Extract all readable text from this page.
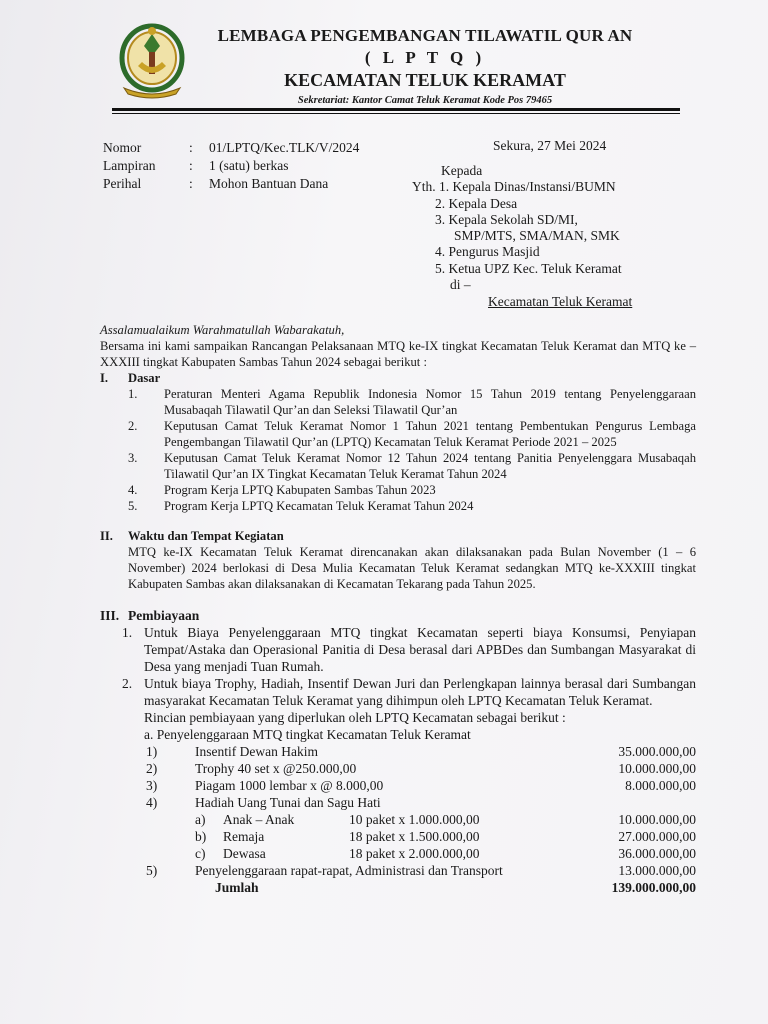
LEMBAGA PENGEMBANGAN TILAWATIL QUR AN
( L P T Q )
KECAMATAN TELUK KERAMAT
Sekretariat: Kantor Camat Teluk Keramat Kode Pos 79465
Nomor	:	01/LPTQ/Kec.TLK/V/2024
Lampiran	:	1 (satu) berkas
Perihal	:	Mohon Bantuan Dana
Sekura, 27 Mei 2024
Kepada
Yth. 1. Kepala Dinas/Instansi/BUMN
2. Kepala Desa
3. Kepala Sekolah SD/MI,
SMP/MTS, SMA/MAN, SMK
4. Pengurus Masjid
5. Ketua UPZ Kec. Teluk Keramat
di –
Kecamatan Teluk Keramat
Assalamualaikum Warahmatullah Wabarakatuh,
Bersama ini kami sampaikan Rancangan Pelaksanaan MTQ ke-IX tingkat Kecamatan Teluk Keramat dan MTQ ke – XXXIII tingkat Kabupaten Sambas Tahun 2024 sebagai berikut :
I.	Dasar
1.	Peraturan Menteri Agama Republik Indonesia Nomor 15 Tahun 2019 tentang Penyelenggaraan Musabaqah Tilawatil Qur’an dan Seleksi Tilawatil Qur’an
2.	Keputusan Camat Teluk Keramat Nomor 1 Tahun 2021 tentang Pembentukan Pengurus Lembaga Pengembangan Tilawatil Qur’an (LPTQ) Kecamatan Teluk Keramat Periode 2021 – 2025
3.	Keputusan Camat Teluk Keramat Nomor 12 Tahun 2024 tentang Panitia Penyelenggara Musabaqah Tilawatil Qur’an IX Tingkat Kecamatan Teluk Keramat Tahun 2024
4.	Program Kerja LPTQ Kabupaten Sambas Tahun 2023
5.	Program Kerja LPTQ Kecamatan Teluk Keramat Tahun 2024
II.	Waktu dan Tempat Kegiatan
MTQ ke-IX Kecamatan Teluk Keramat direncanakan akan dilaksanakan pada Bulan November (1 – 6 November) 2024 berlokasi di Desa Mulia Kecamatan Teluk Keramat sedangkan MTQ ke-XXXIII tingkat Kabupaten Sambas akan dilaksanakan di Kecamatan Tekarang pada Tahun 2025.
III. Pembiayaan
1. Untuk Biaya Penyelenggaraan MTQ tingkat Kecamatan seperti biaya Konsumsi, Penyiapan Tempat/Astaka dan Operasional Panitia di Desa berasal dari APBDes dan Sumbangan Masyarakat di Desa yang menjadi Tuan Rumah.
2. Untuk biaya Trophy, Hadiah, Insentif Dewan Juri dan Perlengkapan lainnya berasal dari Sumbangan masyarakat Kecamatan Teluk Keramat yang dihimpun oleh LPTQ Kecamatan Teluk Keramat.
Rincian pembiayaan yang diperlukan oleh LPTQ Kecamatan sebagai berikut :
a. Penyelenggaraan MTQ tingkat Kecamatan Teluk Keramat
1)	Insentif Dewan Hakim	35.000.000,00
2)	Trophy 40 set x @250.000,00	10.000.000,00
3)	Piagam 1000 lembar x @ 8.000,00	8.000.000,00
4)	Hadiah Uang Tunai dan Sagu Hati
a)	Anak – Anak	10 paket x 1.000.000,00	10.000.000,00
b)	Remaja	18 paket x 1.500.000,00	27.000.000,00
c)	Dewasa	18 paket x 2.000.000,00	36.000.000,00
5)	Penyelenggaraan rapat-rapat, Administrasi dan Transport	13.000.000,00
Jumlah	139.000.000,00
